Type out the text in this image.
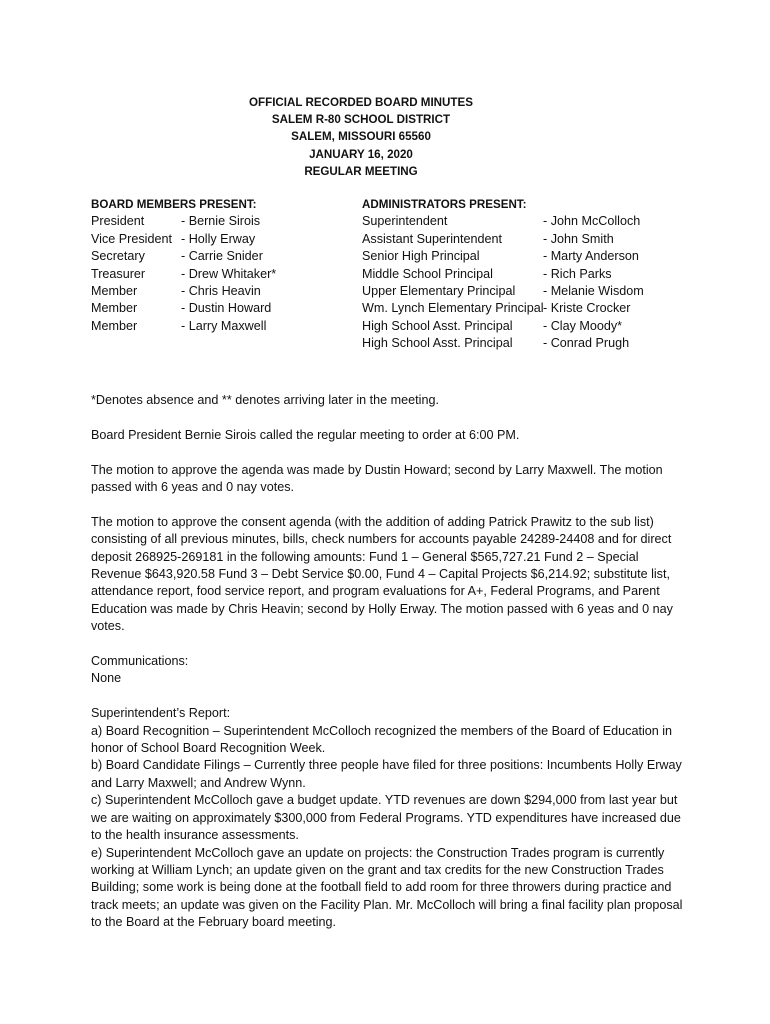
OFFICIAL RECORDED BOARD MINUTES
SALEM R-80 SCHOOL DISTRICT
SALEM, MISSOURI 65560
JANUARY 16, 2020
REGULAR MEETING
BOARD MEMBERS PRESENT:
President	- Bernie Sirois
Vice President - Holly Erway
Secretary	- Carrie Snider
Treasurer	- Drew Whitaker*
Member	- Chris Heavin
Member	- Dustin Howard
Member	- Larry Maxwell
ADMINISTRATORS PRESENT:
Superintendent	- John McColloch
Assistant Superintendent	- John Smith
Senior High Principal	- Marty Anderson
Middle School Principal	- Rich Parks
Upper Elementary Principal	- Melanie Wisdom
Wm. Lynch Elementary Principal - Kriste Crocker
High School Asst. Principal	- Clay Moody*
High School Asst. Principal	- Conrad Prugh

*Denotes absence and ** denotes arriving later in the meeting.

Board President Bernie Sirois called the regular meeting to order at 6:00 PM.

The motion to approve the agenda was made by Dustin Howard; second by Larry Maxwell. The motion passed with 6 yeas and 0 nay votes.

The motion to approve the consent agenda (with the addition of adding Patrick Prawitz to the sub list) consisting of all previous minutes, bills, check numbers for accounts payable 24289-24408 and for direct deposit 268925-269181 in the following amounts: Fund 1 – General $565,727.21 Fund 2 – Special Revenue $643,920.58 Fund 3 – Debt Service $0.00, Fund 4 – Capital Projects $6,214.92; substitute list, attendance report, food service report, and program evaluations for A+, Federal Programs, and Parent Education was made by Chris Heavin; second by Holly Erway. The motion passed with 6 yeas and 0 nay votes.

Communications:

None

Superintendent’s Report:

a) Board Recognition – Superintendent McColloch recognized the members of the Board of Education in honor of School Board Recognition Week.

b) Board Candidate Filings – Currently three people have filed for three positions: Incumbents Holly Erway and Larry Maxwell; and Andrew Wynn.

c) Superintendent McColloch gave a budget update. YTD revenues are down $294,000 from last year but we are waiting on approximately $300,000 from Federal Programs. YTD expenditures have increased due to the health insurance assessments.

e) Superintendent McColloch gave an update on projects: the Construction Trades program is currently working at William Lynch; an update given on the grant and tax credits for the new Construction Trades Building; some work is being done at the football field to add room for three throwers during practice and track meets; an update was given on the Facility Plan. Mr. McColloch will bring a final facility plan proposal to the Board at the February board meeting.
